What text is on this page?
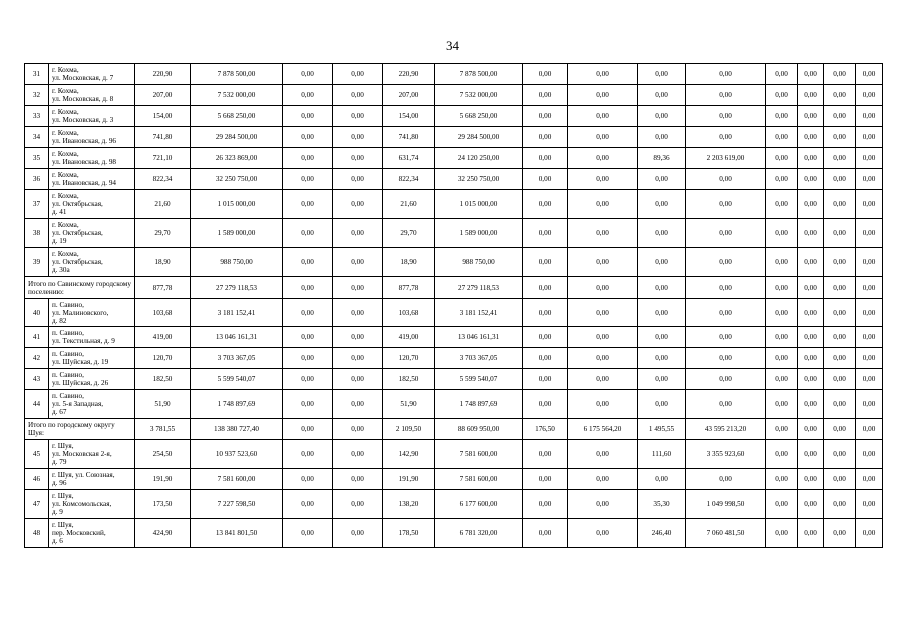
34
31	г. Кохма,
ул. Московская, д. 7	220,90	7 878 500,00	0,00	0,00	220,90	7 878 500,00	0,00	0,00	0,00	0,00	0,00	0,00	0,00	0,00
32	г. Кохма,
ул. Московская, д. 8	207,00	7 532 000,00	0,00	0,00	207,00	7 532 000,00	0,00	0,00	0,00	0,00	0,00	0,00	0,00	0,00
33	г. Кохма,
ул. Московская, д. 3	154,00	5 668 250,00	0,00	0,00	154,00	5 668 250,00	0,00	0,00	0,00	0,00	0,00	0,00	0,00	0,00
34	г. Кохма,
ул. Ивановская, д. 96	741,80	29 284 500,00	0,00	0,00	741,80	29 284 500,00	0,00	0,00	0,00	0,00	0,00	0,00	0,00	0,00
35	г. Кохма,
ул. Ивановская, д. 98	721,10	26 323 869,00	0,00	0,00	631,74	24 120 250,00	0,00	0,00	89,36	2 203 619,00	0,00	0,00	0,00	0,00
36	г. Кохма,
ул. Ивановская, д. 94	822,34	32 250 750,00	0,00	0,00	822,34	32 250 750,00	0,00	0,00	0,00	0,00	0,00	0,00	0,00	0,00
37	г. Кохма,
ул. Октябрьская,
д. 41	21,60	1 015 000,00	0,00	0,00	21,60	1 015 000,00	0,00	0,00	0,00	0,00	0,00	0,00	0,00	0,00
38	г. Кохма,
ул. Октябрьская,
д. 19	29,70	1 589 000,00	0,00	0,00	29,70	1 589 000,00	0,00	0,00	0,00	0,00	0,00	0,00	0,00	0,00
39	г. Кохма,
ул. Октябрьская,
д. 30а	18,90	988 750,00	0,00	0,00	18,90	988 750,00	0,00	0,00	0,00	0,00	0,00	0,00	0,00	0,00
Итого по Савинскому городскому поселению:		877,78	27 279 118,53	0,00	0,00	877,78	27 279 118,53	0,00	0,00	0,00	0,00	0,00	0,00	0,00	0,00
40	п. Савино,
ул. Малиновского,
д. 82	103,68	3 181 152,41	0,00	0,00	103,68	3 181 152,41	0,00	0,00	0,00	0,00	0,00	0,00	0,00	0,00
41	п. Савино,
ул. Текстильная, д. 9	419,00	13 046 161,31	0,00	0,00	419,00	13 046 161,31	0,00	0,00	0,00	0,00	0,00	0,00	0,00	0,00
42	п. Савино,
ул. Шуйская, д. 19	120,70	3 703 367,05	0,00	0,00	120,70	3 703 367,05	0,00	0,00	0,00	0,00	0,00	0,00	0,00	0,00
43	п. Савино,
ул. Шуйская, д. 26	182,50	5 599 540,07	0,00	0,00	182,50	5 599 540,07	0,00	0,00	0,00	0,00	0,00	0,00	0,00	0,00
44	п. Савино,
ул. 5-я Западная,
д. 67	51,90	1 748 897,69	0,00	0,00	51,90	1 748 897,69	0,00	0,00	0,00	0,00	0,00	0,00	0,00	0,00
Итого по городскому округу Шуя:		3 781,55	138 380 727,40	0,00	0,00	2 109,50	88 609 950,00	176,50	6 175 564,20	1 495,55	43 595 213,20	0,00	0,00	0,00	0,00
45	г. Шуя,
ул. Московская 2-я,
д. 79	254,50	10 937 523,60	0,00	0,00	142,90	7 581 600,00	0,00	0,00	111,60	3 355 923,60	0,00	0,00	0,00	0,00
46	г. Шуя, ул. Союзная,
д. 96	191,90	7 581 600,00	0,00	0,00	191,90	7 581 600,00	0,00	0,00	0,00	0,00	0,00	0,00	0,00	0,00
47	г. Шуя,
ул. Комсомольская,
д. 9	173,50	7 227 598,50	0,00	0,00	138,20	6 177 600,00	0,00	0,00	35,30	1 049 998,50	0,00	0,00	0,00	0,00
48	г. Шуя,
пер. Московский,
д. 6	424,90	13 841 801,50	0,00	0,00	178,50	6 781 320,00	0,00	0,00	246,40	7 060 481,50	0,00	0,00	0,00	0,00
